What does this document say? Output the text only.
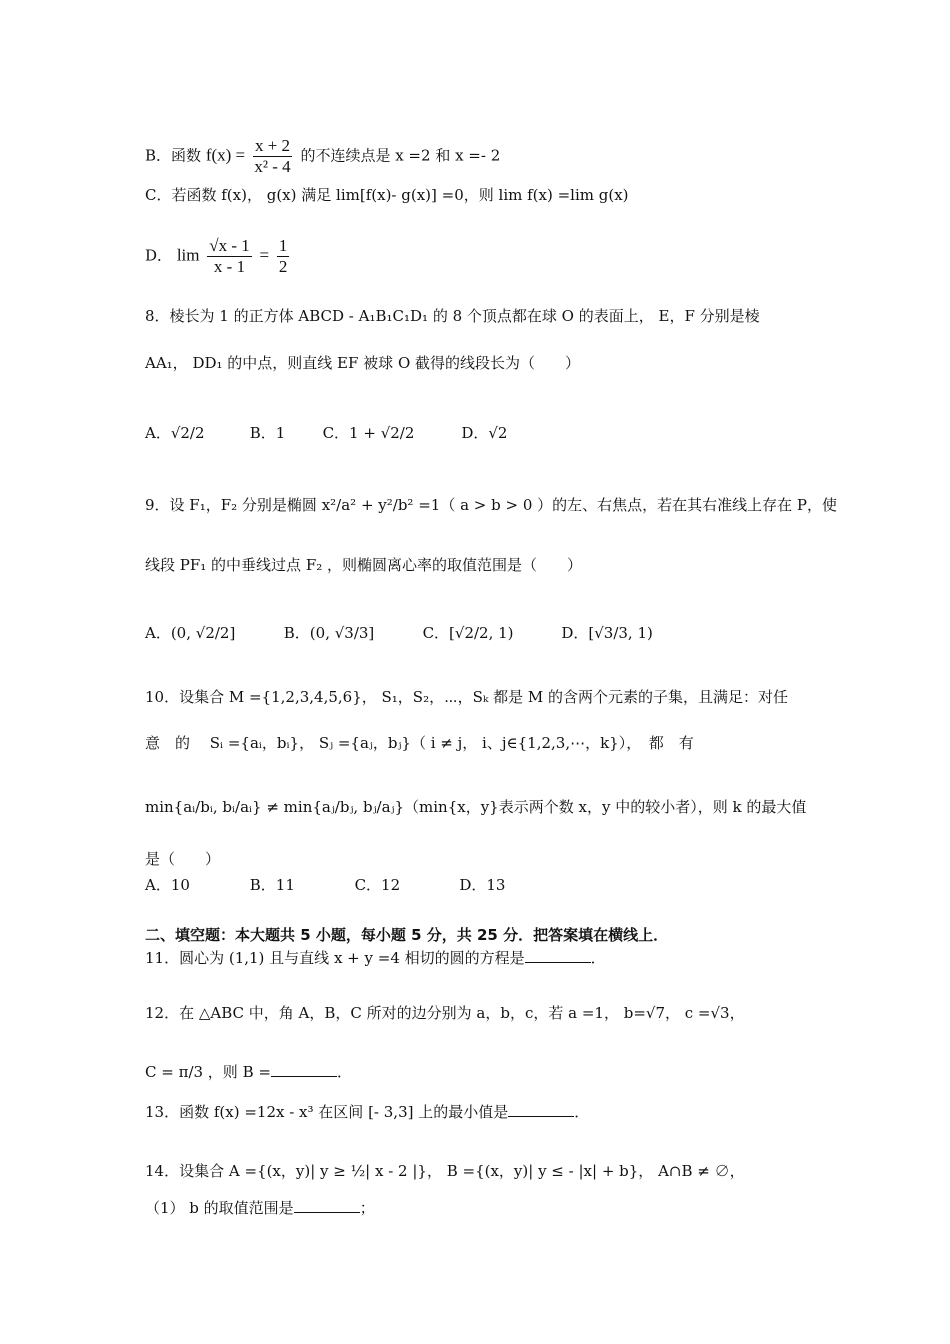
B．函数 $f(x) = \frac{x + 2}{\text{x² - 4}}$ 的不连续点是 x =2 和 x =- 2
C．若函数 f(x)， g(x) 满足 lim[f(x)- g(x)] =0，则 lim f(x) =lim g(x)
D． $\lim \frac{√x - 1}{x - 1} = \frac{1}{2}$
8．棱长为 1 的正方体 ABCD - A₁B₁C₁D₁ 的 8 个顶点都在球 O 的表面上， E，F 分别是棱
AA₁， DD₁ 的中点，则直线 EF 被球 O 截得的线段长为（　　）
A．√2/2	B．1 C．1 + √2/2	D．√2
9．设 F₁，F₂ 分别是椭圆 x²/a² + y²/b² =1（ a > b > 0 ）的左、右焦点，若在其右准线上存在 P，使
线段 PF₁ 的中垂线过点 F₂ ，则椭圆离心率的取值范围是（　　）
A．(0, √2/2]	B．(0, √3/3]	C．[√2/2, 1)	D．[√3/3, 1)
10．设集合 M ={1,2,3,4,5,6}， S₁，S₂，⋯，Sₖ 都是 M 的含两个元素的子集，且满足：对任
意　的　 Sᵢ ={aᵢ，bᵢ}， Sⱼ ={aⱼ，bⱼ}（ i ≠ j， i、j∈{1,2,3,⋯，k}），　都　有
min{aᵢ/bᵢ, bᵢ/aᵢ} ≠ min{aⱼ/bⱼ, bⱼ/aⱼ}（min{x，y}表示两个数 x，y 中的较小者），则 k 的最大值
是（　　）
A．10	B．11	C．12	D．13
二、填空题：本大题共 5 小题，每小题 5 分，共 25 分．把答案填在横线上．
11．圆心为 (1,1) 且与直线 x + y =4 相切的圆的方程是	．
12．在 △ABC 中，角 A，B，C 所对的边分别为 a，b，c，若 a =1， b=√7， c =√3，
C = π/3 ，则 B =	．
13．函数 f(x) =12x - x³ 在区间 [- 3,3] 上的最小值是	．
14．设集合 A ={(x，y)| y ≥ ½| x - 2 |}， B ={(x，y)| y ≤ - |x| + b}， A∩B ≠ ∅，
（1） b 的取值范围是	；
